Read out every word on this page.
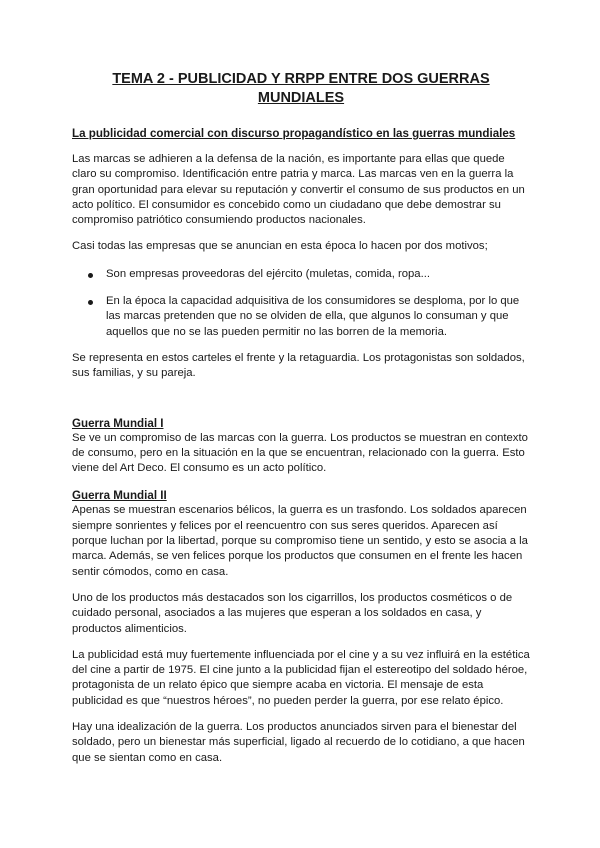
TEMA 2 - PUBLICIDAD Y RRPP ENTRE DOS GUERRAS MUNDIALES
La publicidad comercial con discurso propagandístico en las guerras mundiales

Las marcas se adhieren a la defensa de la nación, es importante para ellas que quede claro su compromiso. Identificación entre patria y marca. Las marcas ven en la guerra la gran oportunidad para elevar su reputación y convertir el consumo de sus productos en un acto político. El consumidor es concebido como un ciudadano que debe demostrar su compromiso patriótico consumiendo productos nacionales.

Casi todas las empresas que se anuncian en esta época lo hacen por dos motivos;

Son empresas proveedoras del ejército (muletas, comida, ropa...
En la época la capacidad adquisitiva de los consumidores se desploma, por lo que las marcas pretenden que no se olviden de ella, que algunos lo consuman y que aquellos que no se las pueden permitir no las borren de la memoria.

Se representa en estos carteles el frente y la retaguardia. Los protagonistas son soldados, sus familias, y su pareja.

Guerra Mundial I

Se ve un compromiso de las marcas con la guerra. Los productos se muestran en contexto de consumo, pero en la situación en la que se encuentran, relacionado con la guerra. Esto viene del Art Deco. El consumo es un acto político.

Guerra Mundial II

Apenas se muestran escenarios bélicos, la guerra es un trasfondo. Los soldados aparecen siempre sonrientes y felices por el reencuentro con sus seres queridos. Aparecen así porque luchan por la libertad, porque su compromiso tiene un sentido, y esto se asocia a la marca. Además, se ven felices porque los productos que consumen en el frente les hacen sentir cómodos, como en casa.

Uno de los productos más destacados son los cigarrillos, los productos cosméticos o de cuidado personal, asociados a las mujeres que esperan a los soldados en casa, y productos alimenticios.

La publicidad está muy fuertemente influenciada por el cine y a su vez influirá en la estética del cine a partir de 1975. El cine junto a la publicidad fijan el estereotipo del soldado héroe, protagonista de un relato épico que siempre acaba en victoria. El mensaje de esta publicidad es que “nuestros héroes”, no pueden perder la guerra, por ese relato épico.

Hay una idealización de la guerra. Los productos anunciados sirven para el bienestar del soldado, pero un bienestar más superficial, ligado al recuerdo de lo cotidiano, a que hacen que se sientan como en casa.
